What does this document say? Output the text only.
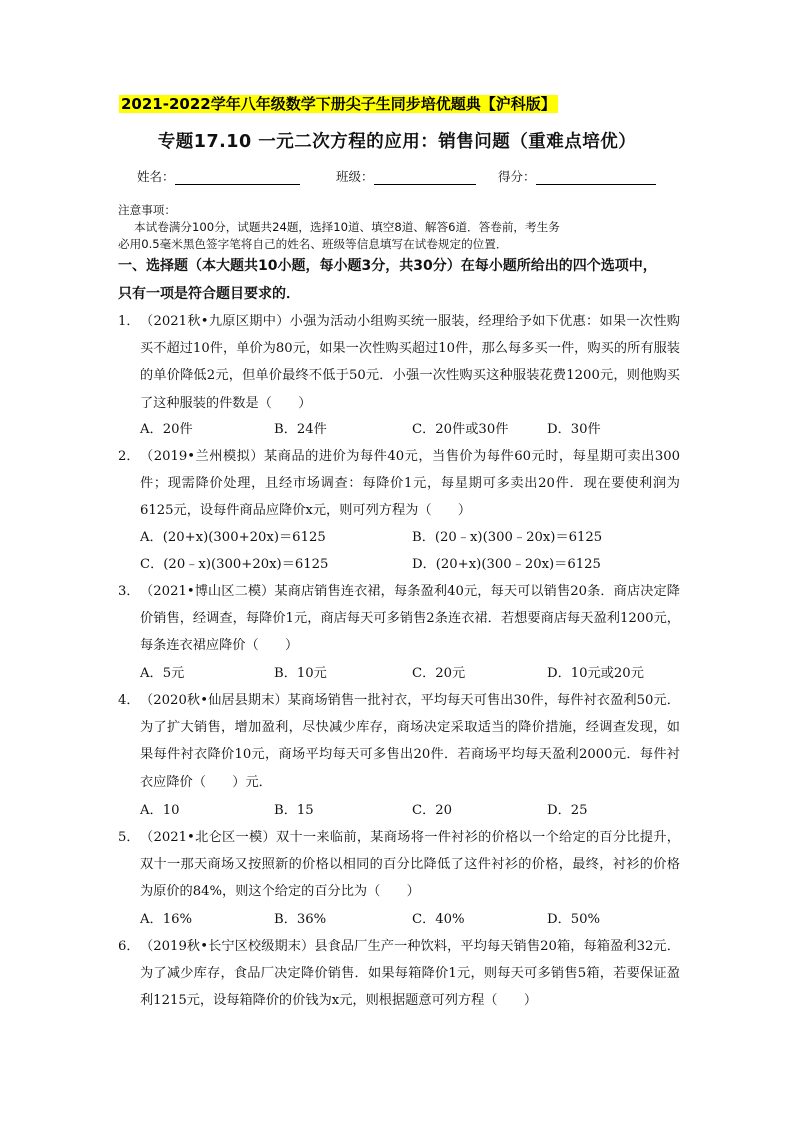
2021-2022学年八年级数学下册尖子生同步培优题典【沪科版】
专题17.10 一元二次方程的应用：销售问题（重难点培优）
姓名：	班级：	得分：
注意事项：
本试卷满分100分，试题共24题，选择10道、填空8道、解答6道．答卷前，考生务
必用0.5毫米黑色签字笔将自己的姓名、班级等信息填写在试卷规定的位置．
一、选择题（本大题共10小题，每小题3分，共30分）在每小题所给出的四个选项中，
只有一项是符合题目要求的．
1． （2021秋•九原区期中）小强为活动小组购买统一服装，经理给予如下优惠：如果一次性购买不超过10件，单价为80元，如果一次性购买超过10件，那么每多买一件，购买的所有服装的单价降低2元，但单价最终不低于50元．小强一次性购买这种服装花费1200元，则他购买了这种服装的件数是（　　）
A．20件	B．24件	C．20件或30件	D．30件
2． （2019•兰州模拟）某商品的进价为每件40元，当售价为每件60元时，每星期可卖出300件；现需降价处理，且经市场调查：每降价1元，每星期可多卖出20件．现在要使利润为6125元，设每件商品应降价x元，则可列方程为（　　）
A．(20+x)(300+20x)＝6125	B．(20﹣x)(300﹣20x)＝6125
C．(20﹣x)(300+20x)＝6125	D．(20+x)(300﹣20x)＝6125
3． （2021•博山区二模）某商店销售连衣裙，每条盈利40元，每天可以销售20条．商店决定降价销售，经调查，每降价1元，商店每天可多销售2条连衣裙．若想要商店每天盈利1200元，每条连衣裙应降价（　　）
A．5元	B．10元	C．20元	D．10元或20元
4． （2020秋•仙居县期末）某商场销售一批衬衣，平均每天可售出30件，每件衬衣盈利50元．为了扩大销售，增加盈利，尽快减少库存，商场决定采取适当的降价措施，经调查发现，如果每件衬衣降价10元，商场平均每天可多售出20件．若商场平均每天盈利2000元．每件衬衣应降价（　　）元．
A．10	B．15	C．20	D．25
5． （2021•北仑区一模）双十一来临前，某商场将一件衬衫的价格以一个给定的百分比提升，双十一那天商场又按照新的价格以相同的百分比降低了这件衬衫的价格，最终，衬衫的价格为原价的84%，则这个给定的百分比为（　　）
A．16%	B．36%	C．40%	D．50%
6． （2019秋•长宁区校级期末）县食品厂生产一种饮料，平均每天销售20箱，每箱盈利32元．为了减少库存，食品厂决定降价销售．如果每箱降价1元，则每天可多销售5箱，若要保证盈利1215元，设每箱降价的价钱为x元，则根据题意可列方程（　　）
